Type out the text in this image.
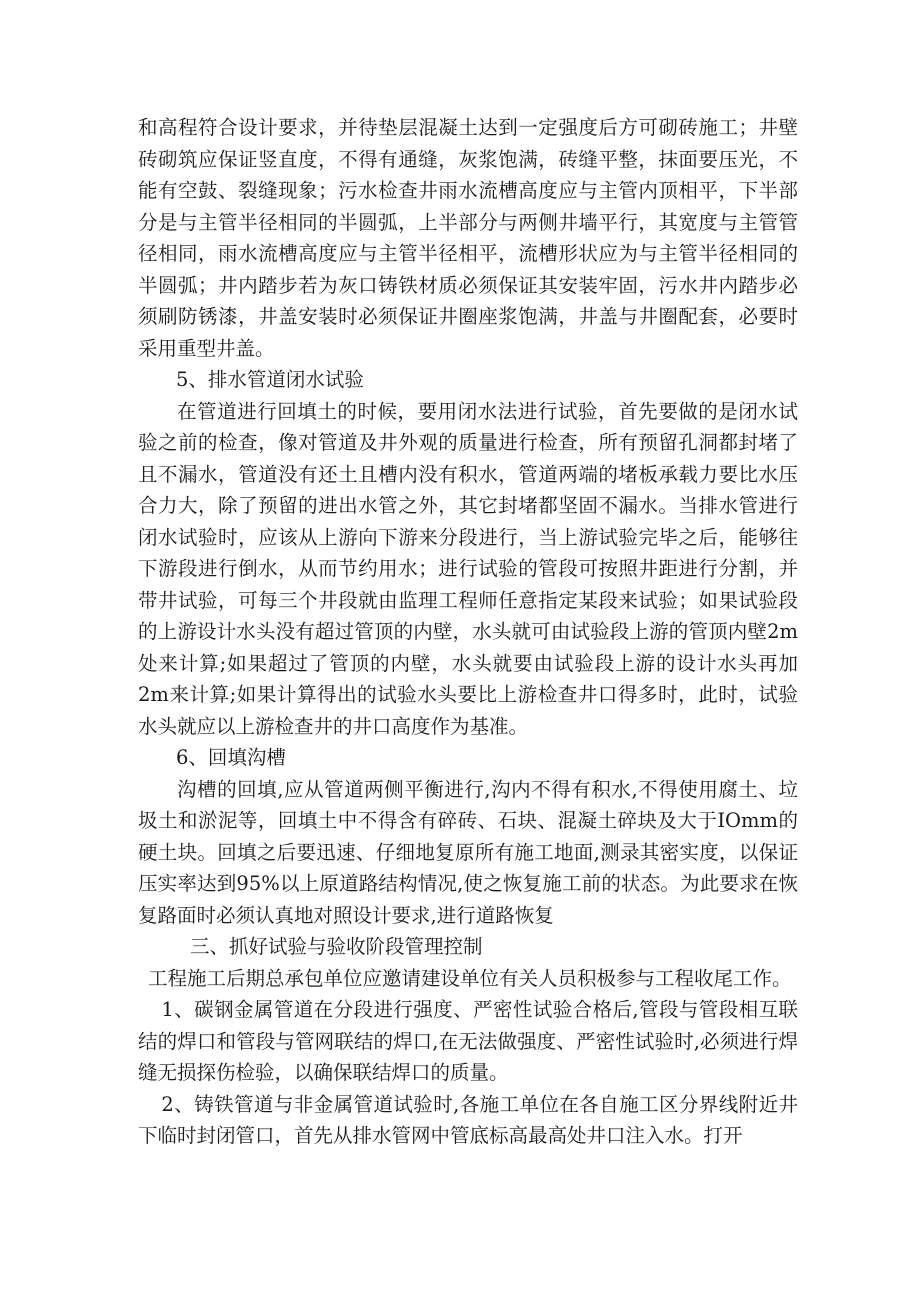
和高程符合设计要求，并待垫层混凝土达到一定强度后方可砌砖施工；井壁砖砌筑应保证竖直度，不得有通缝，灰浆饱满，砖缝平整，抹面要压光，不能有空鼓、裂缝现象；污水检查井雨水流槽高度应与主管内顶相平，下半部分是与主管半径相同的半圆弧，上半部分与两侧井墙平行，其宽度与主管管径相同，雨水流槽高度应与主管半径相平，流槽形状应为与主管半径相同的半圆弧；井内踏步若为灰口铸铁材质必须保证其安装牢固，污水井内踏步必须刷防锈漆，井盖安装时必须保证井圈座浆饱满，井盖与井圈配套，必要时采用重型井盖。

5、排水管道闭水试验

在管道进行回填土的时候，要用闭水法进行试验，首先要做的是闭水试验之前的检查，像对管道及井外观的质量进行检查，所有预留孔洞都封堵了且不漏水，管道没有还土且槽内没有积水，管道两端的堵板承载力要比水压合力大，除了预留的进出水管之外，其它封堵都坚固不漏水。当排水管进行闭水试验时，应该从上游向下游来分段进行，当上游试验完毕之后，能够往下游段进行倒水，从而节约用水；进行试验的管段可按照井距进行分割，并带井试验，可每三个井段就由监理工程师任意指定某段来试验；如果试验段的上游设计水头没有超过管顶的内壁，水头就可由试验段上游的管顶内壁2m处来计算;如果超过了管顶的内壁，水头就要由试验段上游的设计水头再加2m来计算;如果计算得出的试验水头要比上游检查井口得多时，此时，试验水头就应以上游检查井的井口高度作为基准。

6、回填沟槽

沟槽的回填,应从管道两侧平衡进行,沟内不得有积水,不得使用腐土、垃圾土和淤泥等，回填土中不得含有碎砖、石块、混凝土碎块及大于IOmm的硬土块。回填之后要迅速、仔细地复原所有施工地面,测录其密实度，以保证压实率达到95%以上原道路结构情况,使之恢复施工前的状态。为此要求在恢复路面时必须认真地对照设计要求,进行道路恢复

三、抓好试验与验收阶段管理控制

工程施工后期总承包单位应邀请建设单位有关人员积极参与工程收尾工作。

1、碳钢金属管道在分段进行强度、严密性试验合格后,管段与管段相互联结的焊口和管段与管网联结的焊口,在无法做强度、严密性试验时,必须进行焊缝无损探伤检验，以确保联结焊口的质量。

2、铸铁管道与非金属管道试验时,各施工单位在各自施工区分界线附近井下临时封闭管口，首先从排水管网中管底标高最高处井口注入水。打开
